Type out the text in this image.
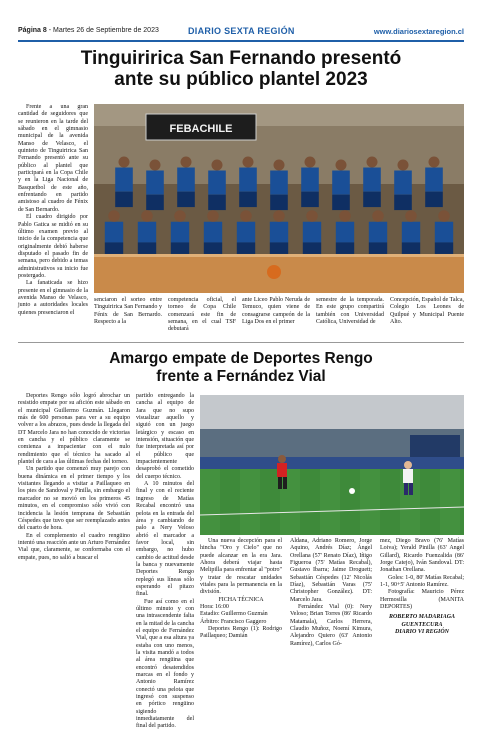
Página 8 - Martes 26 de Septiembre de 2023	DIARIO SEXTA REGIÓN	www.diariosextaregion.cl
Tinguiririca San Fernando presentó
ante su público plantel 2023

Frente a una gran cantidad de seguidores que se reunieron en la tarde del sábado en el gimnasio municipal de la avenida Manso de Velasco, el quinteto de Tinguiririca San Fernando presentó ante su público al plantel que participará en la Copa Chile y en la Liga Nacional de Basquetbol de este año, enfrentando en partido amistoso al cuadro de Fénix de San Bernardo.

El cuadro dirigido por Pablo Gatica se midió en su último examen previo al inicio de la competencia que originalmente debió haberse disputado el pasado fin de semana, pero debido a temas administrativos su inicio fue postergado.

La fanaticada se hizo presente en el gimnasio de la avenida Manso de Velasco, junto a autoridades locales quienes presenciaron el

FEBACHILE

senciaron el sorteo entre Tinguiririca San Fernando y Fénix de San Bernardo. Respecto a la

competencia oficial, el torneo de Copa Chile comenzará este fin de semana, en el cual TSF debutará

ante Liceo Pablo Neruda de Temuco, quien viene de consagrarse campeón de la Liga Dos en el primer

semestre de la temporada. En este grupo compartirá también con Universidad Católica, Universidad de

Concepción, Español de Talca, Colegio Los Leones de Quilpué y Municipal Puente Alto.

Amargo empate de Deportes Rengo
frente a Fernández Vial

Deportes Rengo sólo logró abrochar un resistido empate por su afición este sábado en el municipal Guillermo Guzmán. Llegaron más de 600 personas para ver a su equipo volver a los abrazos, pues desde la llegada del DT Marcelo Jara no han conocido de victorias en cancha y el público claramente se comienza a impacientar con el nulo rendimiento que el técnico ha sacado al plantel de cara a las últimas fechas del torneo.

Un partido que comenzó muy parejo con buena dinámica en el primer tiempo y los visitantes llegando a visitar a Paillaqueo en los pies de Sandoval y Pinilla, sin embargo el marcador no se movió en los primeros 45 minutos, en el compromiso sólo vivió con incidencia la lesión temprana de Sebastián Céspedes que tuvo que ser reemplazado antes del cuarto de hora.

En el complemento el cuadro rengüino intentó una reacción ante un Arturo Fernández Vial que, claramente, se conformaba con el empate, pues, no salió a buscar el

partido entregando la cancha al equipo de Jara que no supo visualizar aquello y siguió con un juego letárgico y escaso en intensión, situación que fue interpretada así por el público que impacientemente desaprobó el cometido del cuerpo técnico.

A 10 minutos del final y con el reciente ingreso de Matías Recabal encontró una pelota en la entrada del área y cambiando de palo a Nery Veloso abrió el marcador a favor local, sin embargo, no hubo cambio de actitud desde la banca y nuevamente Deportes Rengo replegó sus líneas sólo esperando el pitazo final.

Fue así como en el último minuto y con una intrascendente falta en la mitad de la cancha el equipo de Fernández Vial, que a esa altura ya estaba con uno menos, la visita mandó a todos al área rengüina que encontró desatendidos marcas en el fondo y Antonio Ramírez conectó una pelota que ingresó con suspenso en pórtico rengüino sigiendo inmediatamente del final del partido.

Una nueva decepción para el hincha "Oro y Cielo" que no puede alcanzar en la era Jara. Ahora deberá viajar hasta Melipilla para enfrentar al "potro" y tratar de rescatar unidades vitales para la permanencia en la división.

FICHA TÉCNICA

Hora: 16:00

Estadio: Guillermo Guzmán

Árbitro: Francisco Gaggero

Deportes Rengo (1): Rodrigo Paillaqueo; Damián

Aldana, Adriano Romero, Jorge Aquino, Andrés Díaz; Ángel Orellana (57' Renato Díaz), Iñigo Figueroa (75' Matías Recabal), Gustavo Ibarra; Jaime Droguett; Sebastián Céspedes (12' Nicolás Díaz), Sebastián Varas (75' Christopher González). DT: Marcelo Jara.

Fernández Vial (0): Nery Veloso; Brian Torres (86' Ricardo Matamala), Carlos Herrera, Claudio Muñoz, Noemí Kimura, Alejandro Quiero (63' Antonio Ramírez), Carlos Gó-

mez, Diego Bravo (76' Matías Loiva); Yerald Pinilla (63' Angel Gillard), Ricardo Fuenzalida (86' Jorge Catejo), Iván Sandoval. DT: Jonathan Orellana.

Goles: 1-0, 80' Matías Recabal; 1-1, 90+5' Antonio Ramírez.

Fotografía: Mauricio Pérez Hermosilla (MANITA DEPORTES)

ROBERTO MADARIAGA

GUENTECURA

DIARIO VI REGIÓN
